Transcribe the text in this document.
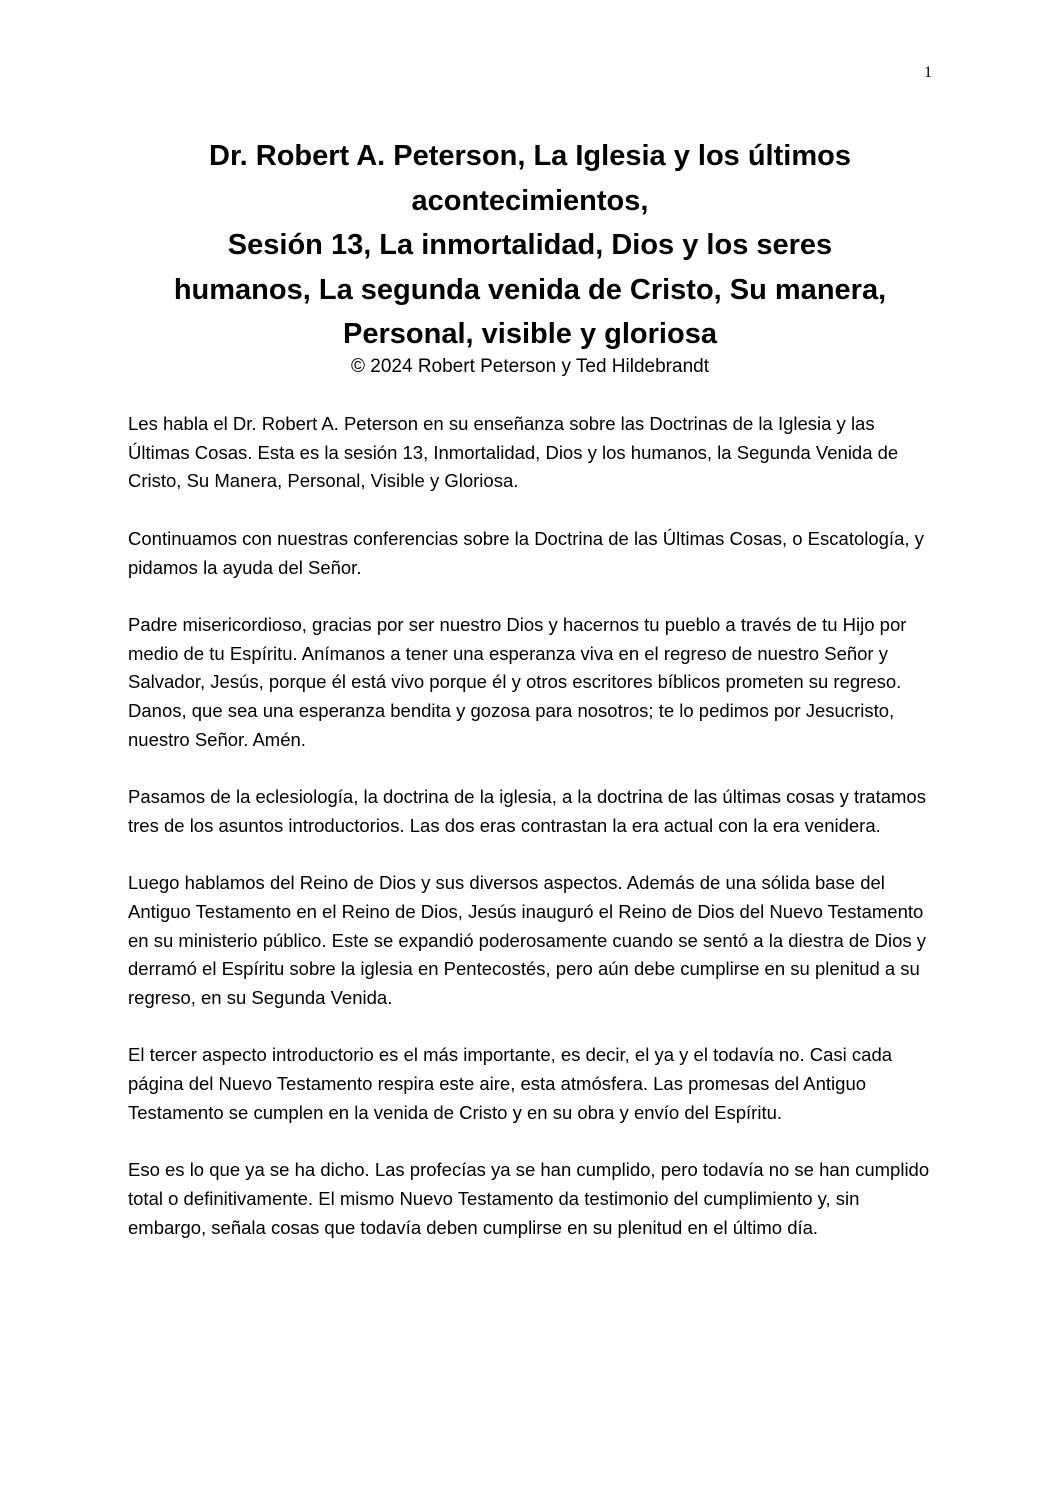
1
Dr. Robert A. Peterson, La Iglesia y los últimos
acontecimientos,
Sesión 13, La inmortalidad, Dios y los seres
humanos, La segunda venida de Cristo, Su manera,
Personal, visible y gloriosa
© 2024 Robert Peterson y Ted Hildebrandt

Les habla el Dr. Robert A. Peterson en su enseñanza sobre las Doctrinas de la Iglesia y las Últimas Cosas. Esta es la sesión 13, Inmortalidad, Dios y los humanos, la Segunda Venida de Cristo, Su Manera, Personal, Visible y Gloriosa.

Continuamos con nuestras conferencias sobre la Doctrina de las Últimas Cosas, o Escatología, y pidamos la ayuda del Señor.

Padre misericordioso, gracias por ser nuestro Dios y hacernos tu pueblo a través de tu Hijo por medio de tu Espíritu. Anímanos a tener una esperanza viva en el regreso de nuestro Señor y Salvador, Jesús, porque él está vivo porque él y otros escritores bíblicos prometen su regreso. Danos, que sea una esperanza bendita y gozosa para nosotros; te lo pedimos por Jesucristo, nuestro Señor. Amén.

Pasamos de la eclesiología, la doctrina de la iglesia, a la doctrina de las últimas cosas y tratamos tres de los asuntos introductorios. Las dos eras contrastan la era actual con la era venidera.

Luego hablamos del Reino de Dios y sus diversos aspectos. Además de una sólida base del Antiguo Testamento en el Reino de Dios, Jesús inauguró el Reino de Dios del Nuevo Testamento en su ministerio público. Este se expandió poderosamente cuando se sentó a la diestra de Dios y derramó el Espíritu sobre la iglesia en Pentecostés, pero aún debe cumplirse en su plenitud a su regreso, en su Segunda Venida.

El tercer aspecto introductorio es el más importante, es decir, el ya y el todavía no. Casi cada página del Nuevo Testamento respira este aire, esta atmósfera. Las promesas del Antiguo Testamento se cumplen en la venida de Cristo y en su obra y envío del Espíritu.

Eso es lo que ya se ha dicho. Las profecías ya se han cumplido, pero todavía no se han cumplido total o definitivamente. El mismo Nuevo Testamento da testimonio del cumplimiento y, sin embargo, señala cosas que todavía deben cumplirse en su plenitud en el último día.
